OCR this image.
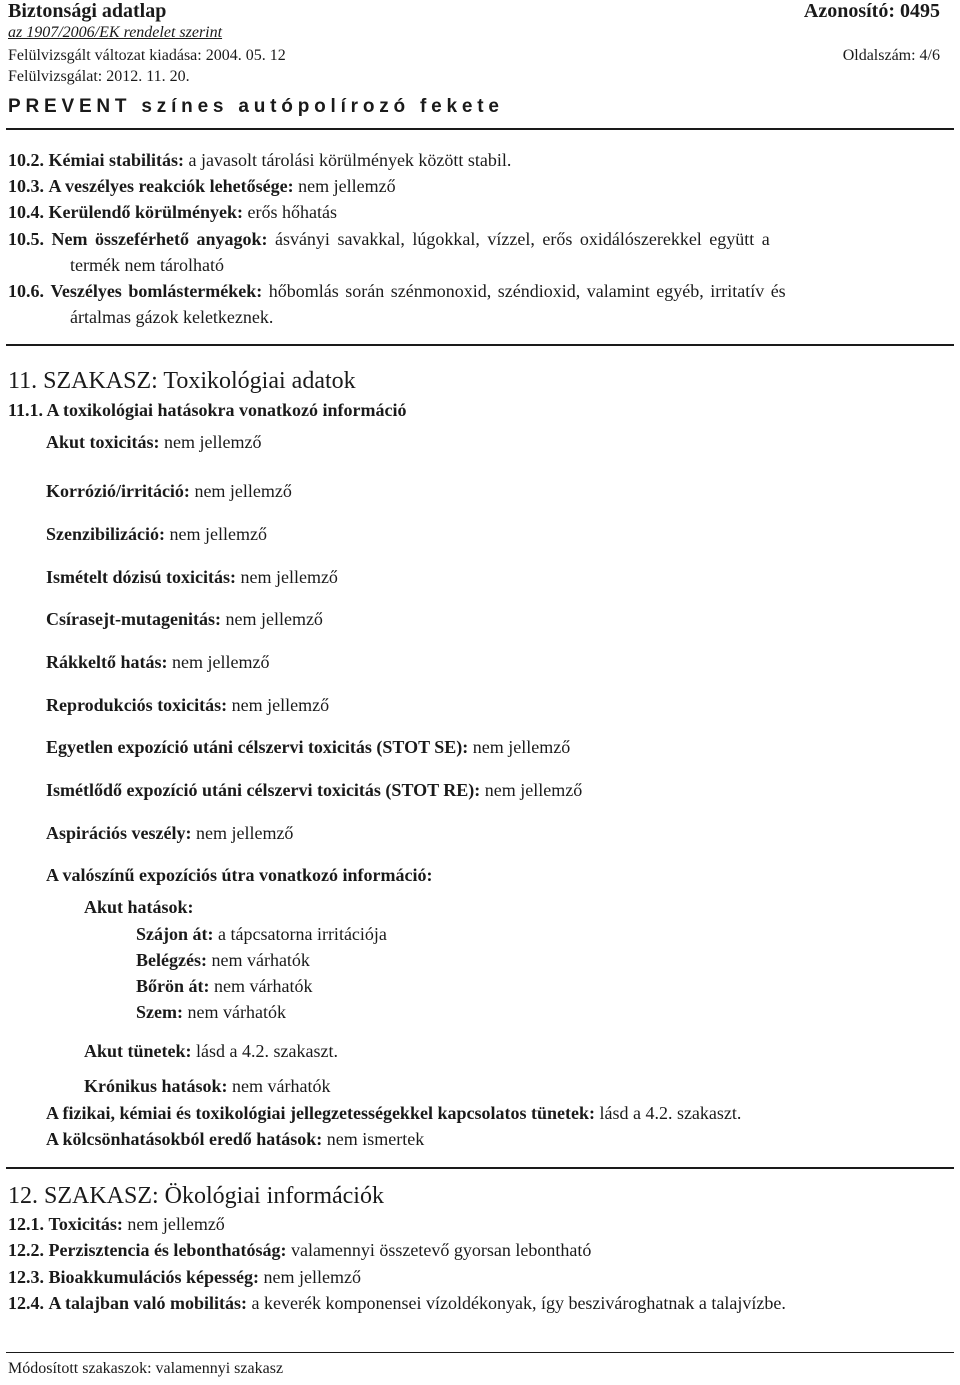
Biztonsági adatlap	Azonosító: 0495
az 1907/2006/EK rendelet szerint
Felülvizsgált változat kiadása: 2004. 05. 12	Oldalszám: 4/6
Felülvizsgálat: 2012. 11. 20.
PREVENT színes autópolírozó fekete
10.2. Kémiai stabilitás: a javasolt tárolási körülmények között stabil.
10.3. A veszélyes reakciók lehetősége: nem jellemző
10.4. Kerülendő körülmények: erős hőhatás
10.5. Nem összeférhető anyagok: ásványi savakkal, lúgokkal, vízzel, erős oxidálószerekkel együtt a
termék nem tárolható
10.6. Veszélyes bomlástermékek: hőbomlás során szénmonoxid, széndioxid, valamint egyéb, irritatív és
ártalmas gázok keletkeznek.
11. SZAKASZ: Toxikológiai adatok
11.1. A toxikológiai hatásokra vonatkozó információ
Akut toxicitás: nem jellemző
Korrózió/irritáció: nem jellemző
Szenzibilizáció: nem jellemző
Ismételt dózisú toxicitás: nem jellemző
Csírasejt-mutagenitás: nem jellemző
Rákkeltő hatás: nem jellemző
Reprodukciós toxicitás: nem jellemző
Egyetlen expozíció utáni célszervi toxicitás (STOT SE): nem jellemző
Ismétlődő expozíció utáni célszervi toxicitás (STOT RE): nem jellemző
Aspirációs veszély: nem jellemző
A valószínű expozíciós útra vonatkozó információ:
Akut hatások:
Szájon át: a tápcsatorna irritációja
Belégzés: nem várhatók
Bőrön át: nem várhatók
Szem: nem várhatók
Akut tünetek: lásd a 4.2. szakaszt.
Krónikus hatások: nem várhatók
A fizikai, kémiai és toxikológiai jellegzetességekkel kapcsolatos tünetek: lásd a 4.2. szakaszt.
A kölcsönhatásokból eredő hatások: nem ismertek
12. SZAKASZ: Ökológiai információk
12.1. Toxicitás: nem jellemző
12.2. Perzisztencia és lebonthatóság: valamennyi összetevő gyorsan lebontható
12.3. Bioakkumulációs képesség: nem jellemző
12.4. A talajban való mobilitás: a keverék komponensei vízoldékonyak, így beszivároghatnak a talajvízbe.
Módosított szakaszok: valamennyi szakasz
